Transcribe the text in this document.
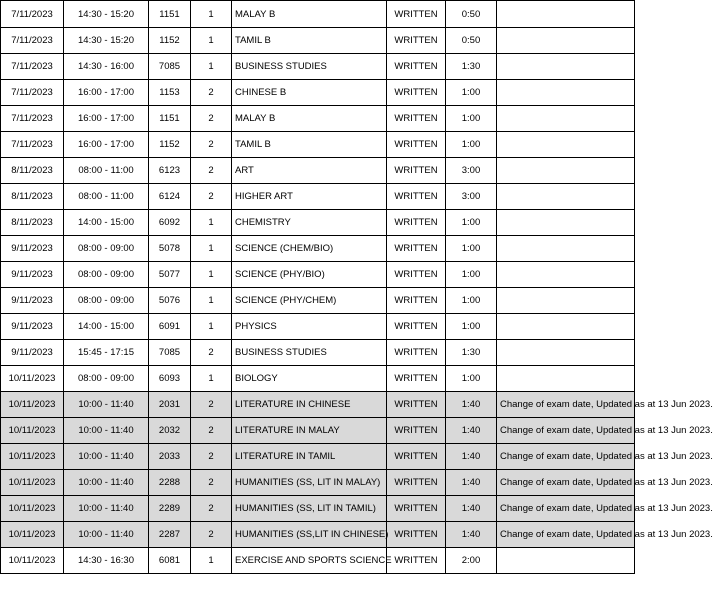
7/11/2023	14:30 - 15:20	1151	1	MALAY B	WRITTEN	0:50	
7/11/2023	14:30 - 15:20	1152	1	TAMIL B	WRITTEN	0:50	
7/11/2023	14:30 - 16:00	7085	1	BUSINESS STUDIES	WRITTEN	1:30	
7/11/2023	16:00 - 17:00	1153	2	CHINESE B	WRITTEN	1:00	
7/11/2023	16:00 - 17:00	1151	2	MALAY B	WRITTEN	1:00	
7/11/2023	16:00 - 17:00	1152	2	TAMIL B	WRITTEN	1:00	
8/11/2023	08:00 - 11:00	6123	2	ART	WRITTEN	3:00	
8/11/2023	08:00 - 11:00	6124	2	HIGHER ART	WRITTEN	3:00	
8/11/2023	14:00 - 15:00	6092	1	CHEMISTRY	WRITTEN	1:00	
9/11/2023	08:00 - 09:00	5078	1	SCIENCE (CHEM/BIO)	WRITTEN	1:00	
9/11/2023	08:00 - 09:00	5077	1	SCIENCE (PHY/BIO)	WRITTEN	1:00	
9/11/2023	08:00 - 09:00	5076	1	SCIENCE (PHY/CHEM)	WRITTEN	1:00	
9/11/2023	14:00 - 15:00	6091	1	PHYSICS	WRITTEN	1:00	
9/11/2023	15:45 - 17:15	7085	2	BUSINESS STUDIES	WRITTEN	1:30	
10/11/2023	08:00 - 09:00	6093	1	BIOLOGY	WRITTEN	1:00	
10/11/2023	10:00 - 11:40	2031	2	LITERATURE IN CHINESE	WRITTEN	1:40	Change of exam date, Updated as at 13 Jun 2023.
10/11/2023	10:00 - 11:40	2032	2	LITERATURE IN MALAY	WRITTEN	1:40	Change of exam date, Updated as at 13 Jun 2023.
10/11/2023	10:00 - 11:40	2033	2	LITERATURE IN TAMIL	WRITTEN	1:40	Change of exam date, Updated as at 13 Jun 2023.
10/11/2023	10:00 - 11:40	2288	2	HUMANITIES (SS, LIT IN MALAY)	WRITTEN	1:40	Change of exam date, Updated as at 13 Jun 2023.
10/11/2023	10:00 - 11:40	2289	2	HUMANITIES (SS, LIT IN TAMIL)	WRITTEN	1:40	Change of exam date, Updated as at 13 Jun 2023.
10/11/2023	10:00 - 11:40	2287	2	HUMANITIES (SS,LIT IN CHINESE)	WRITTEN	1:40	Change of exam date, Updated as at 13 Jun 2023.
10/11/2023	14:30 - 16:30	6081	1	EXERCISE AND SPORTS SCIENCE	WRITTEN	2:00	
